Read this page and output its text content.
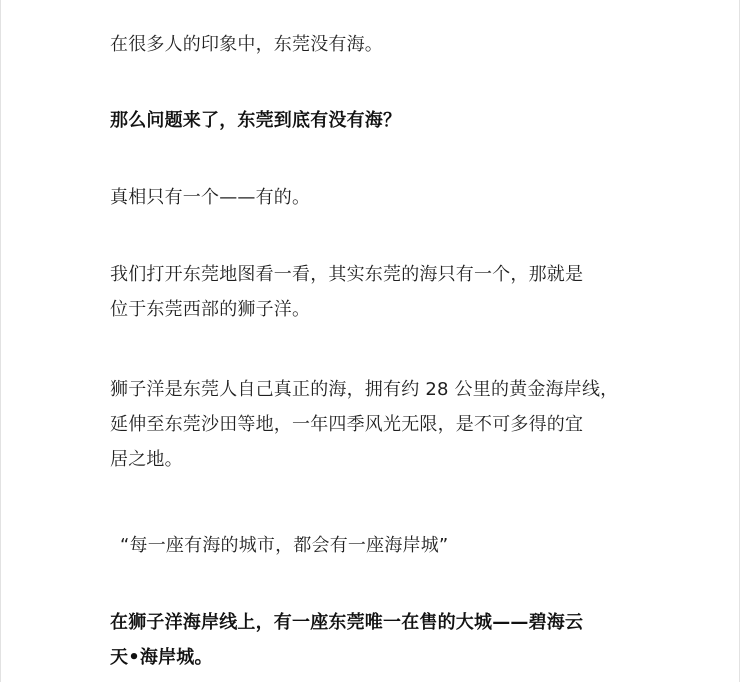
在很多人的印象中，东莞没有海。

那么问题来了，东莞到底有没有海？

真相只有一个——有的。

我们打开东莞地图看一看，其实东莞的海只有一个，那就是
位于东莞西部的狮子洋。

狮子洋是东莞人自己真正的海，拥有约 28 公里的黄金海岸线，
延伸至东莞沙田等地，一年四季风光无限，是不可多得的宜
居之地。

“每一座有海的城市，都会有一座海岸城”

在狮子洋海岸线上，有一座东莞唯一在售的大城——碧海云
天•海岸城。
